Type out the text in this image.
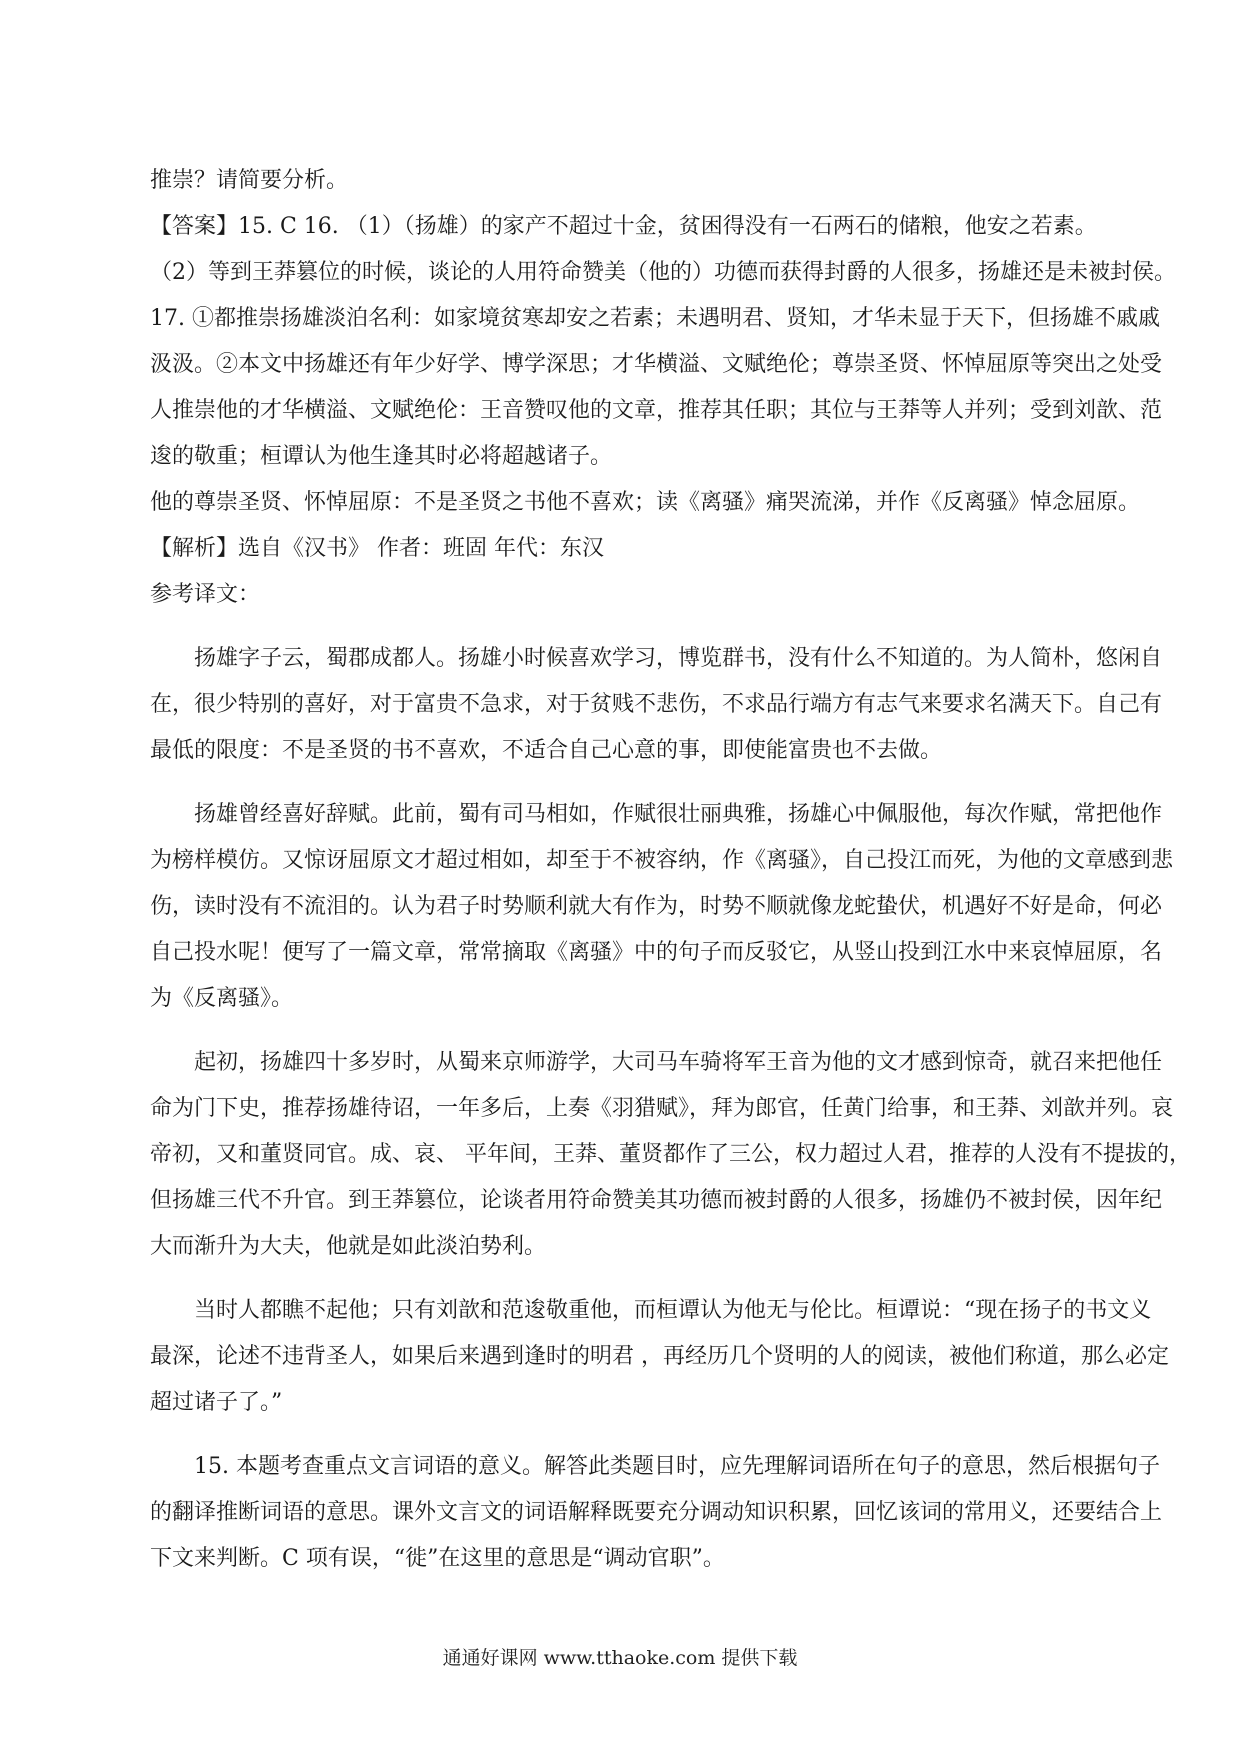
推崇？请简要分析。
【答案】15. C 16. （1）（扬雄）的家产不超过十金，贫困得没有一石两石的储粮，他安之若素。
（2）等到王莽篡位的时候，谈论的人用符命赞美（他的）功德而获得封爵的人很多，扬雄还是未被封侯。
17. ①都推崇扬雄淡泊名利：如家境贫寒却安之若素；未遇明君、贤知，才华未显于天下，但扬雄不戚戚
汲汲。②本文中扬雄还有年少好学、博学深思；才华横溢、文赋绝伦；尊崇圣贤、怀悼屈原等突出之处受
人推崇他的才华横溢、文赋绝伦：王音赞叹他的文章，推荐其任职；其位与王莽等人并列；受到刘歆、范
逡的敬重；桓谭认为他生逢其时必将超越诸子。
他的尊崇圣贤、怀悼屈原：不是圣贤之书他不喜欢；读《离骚》痛哭流涕，并作《反离骚》悼念屈原。
【解析】选自《汉书》 作者：班固 年代：东汉
参考译文：
扬雄字子云，蜀郡成都人。扬雄小时候喜欢学习，博览群书，没有什么不知道的。为人简朴，悠闲自
在，很少特别的喜好，对于富贵不急求，对于贫贱不悲伤，不求品行端方有志气来要求名满天下。自己有
最低的限度：不是圣贤的书不喜欢，不适合自己心意的事，即使能富贵也不去做。
扬雄曾经喜好辞赋。此前，蜀有司马相如，作赋很壮丽典雅，扬雄心中佩服他，每次作赋，常把他作
为榜样模仿。又惊讶屈原文才超过相如，却至于不被容纳，作《离骚》，自己投江而死，为他的文章感到悲
伤，读时没有不流泪的。认为君子时势顺利就大有作为，时势不顺就像龙蛇蛰伏，机遇好不好是命，何必
自己投水呢！便写了一篇文章，常常摘取《离骚》中的句子而反驳它，从竖山投到江水中来哀悼屈原，名
为《反离骚》。
起初，扬雄四十多岁时，从蜀来京师游学，大司马车骑将军王音为他的文才感到惊奇，就召来把他任
命为门下史，推荐扬雄待诏，一年多后，上奏《羽猎赋》，拜为郎官，任黄门给事，和王莽、刘歆并列。哀
帝初，又和董贤同官。成、哀、 平年间，王莽、董贤都作了三公，权力超过人君，推荐的人没有不提拔的，
但扬雄三代不升官。到王莽篡位，论谈者用符命赞美其功德而被封爵的人很多，扬雄仍不被封侯，因年纪
大而渐升为大夫，他就是如此淡泊势利。
当时人都瞧不起他；只有刘歆和范逡敬重他，而桓谭认为他无与伦比。桓谭说：“现在扬子的书文义
最深，论述不违背圣人，如果后来遇到逢时的明君 ，再经历几个贤明的人的阅读，被他们称道，那么必定
超过诸子了。”
15. 本题考查重点文言词语的意义。解答此类题目时，应先理解词语所在句子的意思，然后根据句子
的翻译推断词语的意思。课外文言文的词语解释既要充分调动知识积累，回忆该词的常用义，还要结合上
下文来判断。C 项有误，“徙”在这里的意思是“调动官职”。
通通好课网 www.tthaoke.com 提供下载
